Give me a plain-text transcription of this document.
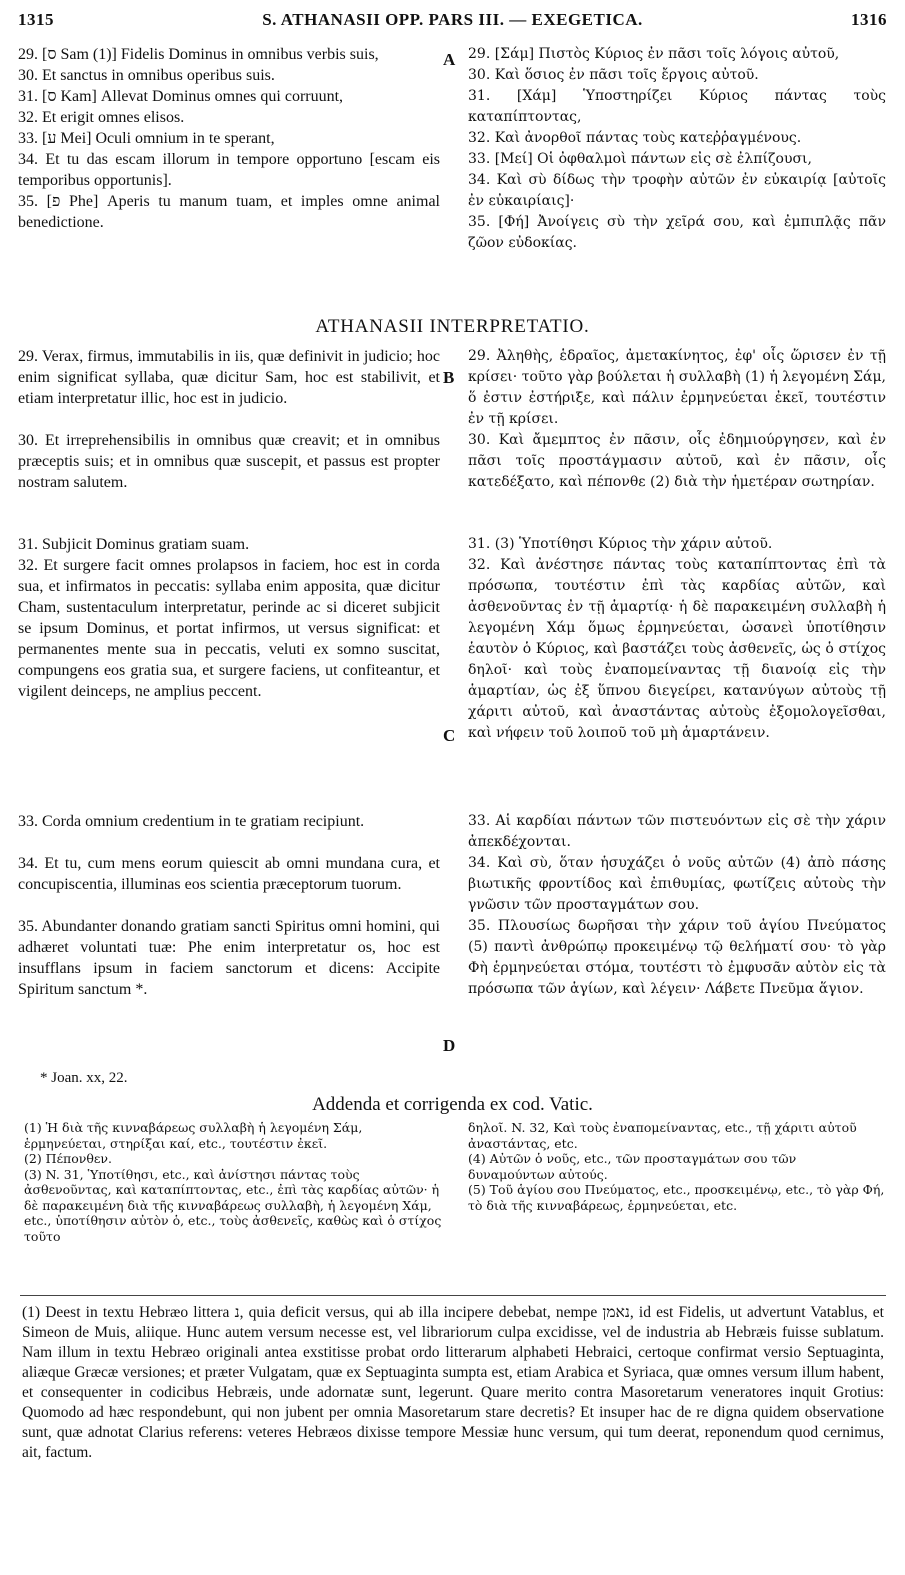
1315	S. ATHANASII OPP. PARS III. — EXEGETICA.	1316

29. [ס Sam (1)] Fidelis Dominus in omnibus verbis suis,

30. Et sanctus in omnibus operibus suis.

31. [ס Kam] Allevat Dominus omnes qui corruunt,

32. Et erigit omnes elisos.

33. [ע Mei] Oculi omnium in te sperant,

34. Et tu das escam illorum in tempore opportuno [escam eis temporibus opportunis].

35. [פ Phe] Aperis tu manum tuam, et imples omne animal benedictione.

A 29. [Σάμ] Πιστὸς Κύριος ἐν πᾶσι τοῖς λόγοις αὐτοῦ,

30. Καὶ ὅσιος ἐν πᾶσι τοῖς ἔργοις αὐτοῦ.

31. [Χάμ] Ὑποστηρίζει Κύριος πάντας τοὺς καταπίπτοντας,

32. Καὶ ἀνορθοῖ πάντας τοὺς κατεῤῥαγμένους.

33. [Μεί] Οἱ ὀφθαλμοὶ πάντων εἰς σὲ ἐλπίζουσι,

34. Καὶ σὺ δίδως τὴν τροφὴν αὐτῶν ἐν εὐκαιρίᾳ [αὐτοῖς ἐν εὐκαιρίαις]·

35. [Φή] Ἀνοίγεις σὺ τὴν χεῖρά σου, καὶ ἐμπιπλᾷς πᾶν ζῶον εὐδοκίας.

ATHANASII INTERPRETATIO.

29. Verax, firmus, immutabilis in iis, quæ definivit in judicio; hoc enim significat syllaba, quæ dicitur Sam, hoc est stabilivit, et etiam interpretatur illic, hoc est in judicio.

30. Et irreprehensibilis in omnibus quæ creavit; et in omnibus præceptis suis; et in omnibus quæ suscepit, et passus est propter nostram salutem.

31. Subjicit Dominus gratiam suam.

32. Et surgere facit omnes prolapsos in faciem, hoc est in corda sua, et infirmatos in peccatis: syllaba enim apposita, quæ dicitur Cham, sustentaculum interpretatur, perinde ac si diceret subjicit se ipsum Dominus, et portat infirmos, ut versus significat: et permanentes mente sua in peccatis, veluti ex somno suscitat, compungens eos gratia sua, et surgere faciens, ut confiteantur, et vigilent deinceps, ne amplius peccent.

33. Corda omnium credentium in te gratiam recipiunt.

34. Et tu, cum mens eorum quiescit ab omni mundana cura, et concupiscentia, illuminas eos scientia præceptorum tuorum.

35. Abundanter donando gratiam sancti Spiritus omni homini, qui adhæret voluntati tuæ: Phe enim interpretatur os, hoc est insufflans ipsum in faciem sanctorum et dicens: Accipite Spiritum sanctum *.

B
C
D

29. Ἀληθὴς, ἑδραῖος, ἀμετακίνητος, ἐφ' οἷς ὥρισεν ἐν τῇ κρίσει· τοῦτο γὰρ βούλεται ἡ συλλαβὴ (1) ἡ λεγομένη Σάμ, ὅ ἐστιν ἐστήριξε, καὶ πάλιν ἑρμηνεύεται ἐκεῖ, τουτέστιν ἐν τῇ κρίσει.

30. Καὶ ἄμεμπτος ἐν πᾶσιν, οἷς ἐδημιούργησεν, καὶ ἐν πᾶσι τοῖς προστάγμασιν αὐτοῦ, καὶ ἐν πᾶσιν, οἷς κατεδέξατο, καὶ πέπονθε (2) διὰ τὴν ἡμετέραν σωτηρίαν.

31. (3) Ὑποτίθησι Κύριος τὴν χάριν αὐτοῦ.

32. Καὶ ἀνέστησε πάντας τοὺς καταπίπτοντας ἐπὶ τὰ πρόσωπα, τουτέστιν ἐπὶ τὰς καρδίας αὐτῶν, καὶ ἀσθενοῦντας ἐν τῇ ἁμαρτίᾳ· ἡ δὲ παρακειμένη συλλαβὴ ἡ λεγομένη Χάμ ὅμως ἑρμηνεύεται, ὡσανεὶ ὑποτίθησιν ἑαυτὸν ὁ Κύριος, καὶ βαστάζει τοὺς ἀσθενεῖς, ὡς ὁ στίχος δηλοῖ· καὶ τοὺς ἐναπομείναντας τῇ διανοίᾳ εἰς τὴν ἁμαρτίαν, ὡς ἐξ ὕπνου διεγείρει, κατανύγων αὐτοὺς τῇ χάριτι αὐτοῦ, καὶ ἀναστάντας αὐτοὺς ἐξομολογεῖσθαι, καὶ νήφειν τοῦ λοιποῦ τοῦ μὴ ἁμαρτάνειν.

33. Αἱ καρδίαι πάντων τῶν πιστευόντων εἰς σὲ τὴν χάριν ἀπεκδέχονται.

34. Καὶ σὺ, ὅταν ἡσυχάζει ὁ νοῦς αὐτῶν (4) ἀπὸ πάσης βιωτικῆς φροντίδος καὶ ἐπιθυμίας, φωτίζεις αὐτοὺς τὴν γνῶσιν τῶν προσταγμάτων σου.

35. Πλουσίως δωρῆσαι τὴν χάριν τοῦ ἁγίου Πνεύματος (5) παντὶ ἀνθρώπῳ προκειμένῳ τῷ θελήματί σου· τὸ γὰρ Φὴ ἑρμηνεύεται στόμα, τουτέστι τὸ ἐμφυσᾶν αὐτὸν εἰς τὰ πρόσωπα τῶν ἁγίων, καὶ λέγειν· Λάβετε Πνεῦμα ἅγιον.

* Joan. xx, 22.
Addenda et corrigenda ex cod. Vatic.

(1) Ἡ διὰ τῆς κινναβάρεως συλλαβὴ ἡ λεγομένη Σάμ, ἑρμηνεύεται, στηρίξαι καί, etc., τουτέστιν ἐκεῖ.

(2) Πέπονθεν.

(3) N. 31, Ὑποτίθησι, etc., καὶ ἀνίστησι πάντας τοὺς ἀσθενοῦντας, καὶ καταπίπτοντας, etc., ἐπὶ τὰς καρδίας αὐτῶν· ἡ δὲ παρακειμένη διὰ τῆς κινναβάρεως συλλαβὴ, ἡ λεγομένη Χάμ, etc., ὑποτίθησιν αὐτὸν ὁ, etc., τοὺς ἀσθενεῖς, καθὼς καὶ ὁ στίχος τοῦτο

δηλοῖ. N. 32, Καὶ τοὺς ἐναπομείναντας, etc., τῇ χάριτι αὐτοῦ ἀναστάντας, etc.

(4) Αὐτῶν ὁ νοῦς, etc., τῶν προσταγμάτων σου τῶν δυναμούντων αὐτούς.

(5) Τοῦ ἁγίου σου Πνεύματος, etc., προσκειμένῳ, etc., τὸ γὰρ Φή, τὸ διὰ τῆς κινναβάρεως, ἑρμηνεύεται, etc.

(1) Deest in textu Hebræo littera נ, quia deficit versus, qui ab illa incipere debebat, nempe נאמן, id est Fidelis, ut advertunt Vatablus, et Simeon de Muis, aliique. Hunc autem versum necesse est, vel librariorum culpa excidisse, vel de industria ab Hebræis fuisse sublatum. Nam illum in textu Hebræo originali antea exstitisse probat ordo litterarum alphabeti Hebraici, certoque confirmat versio Septuaginta, aliæque Græcæ versiones; et præter Vulgatam, quæ ex Septuaginta sumpta est, etiam Arabica et Syriaca, quæ omnes versum illum habent, et consequenter in codicibus Hebræis, unde adornatæ sunt, legerunt. Quare merito contra Masoretarum veneratores inquit Grotius: Quomodo ad hæc respondebunt, qui non jubent per omnia Masoretarum stare decretis? Et insuper hac de re digna quidem observatione sunt, quæ adnotat Clarius referens: veteres Hebræos dixisse tempore Messiæ hunc versum, qui tum deerat, reponendum quod cernimus, ait, factum.
